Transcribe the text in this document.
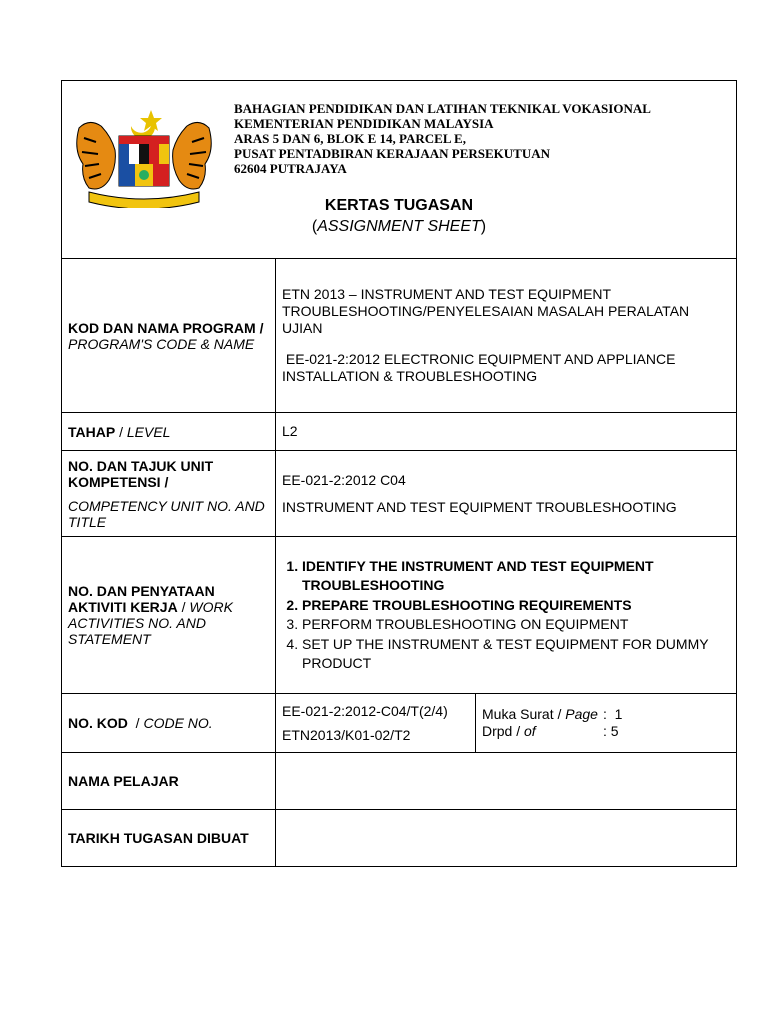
BAHAGIAN PENDIDIKAN DAN LATIHAN TEKNIKAL VOKASIONAL
KEMENTERIAN PENDIDIKAN MALAYSIA
ARAS 5 DAN 6, BLOK E 14, PARCEL E,
PUSAT PENTADBIRAN KERAJAAN PERSEKUTUAN
62604 PUTRAJAYA
KERTAS TUGASAN
(ASSIGNMENT SHEET)
KOD DAN NAMA PROGRAM /
PROGRAM'S CODE & NAME
ETN 2013 – INSTRUMENT AND TEST EQUIPMENT TROUBLESHOOTING/PENYELESAIAN MASALAH PERALATAN UJIAN
EE-021-2:2012 ELECTRONIC EQUIPMENT AND APPLIANCE INSTALLATION & TROUBLESHOOTING
TAHAP / LEVEL	L2
NO. DAN TAJUK UNIT KOMPETENSI /
COMPETENCY UNIT NO. AND TITLE
EE-021-2:2012 C04
INSTRUMENT AND TEST EQUIPMENT TROUBLESHOOTING
NO. DAN PENYATAAN AKTIVITI KERJA / WORK ACTIVITIES NO. AND STATEMENT
1. IDENTIFY THE INSTRUMENT AND TEST EQUIPMENT TROUBLESHOOTING
2. PREPARE TROUBLESHOOTING REQUIREMENTS
3. PERFORM TROUBLESHOOTING ON EQUIPMENT
4. SET UP THE INSTRUMENT & TEST EQUIPMENT FOR DUMMY PRODUCT
NO. KOD  / CODE NO.
EE-021-2:2012-C04/T(2/4)
ETN2013/K01-02/T2
Muka Surat / Page :  1
Drpd / of	: 5
NAMA PELAJAR
TARIKH TUGASAN DIBUAT
